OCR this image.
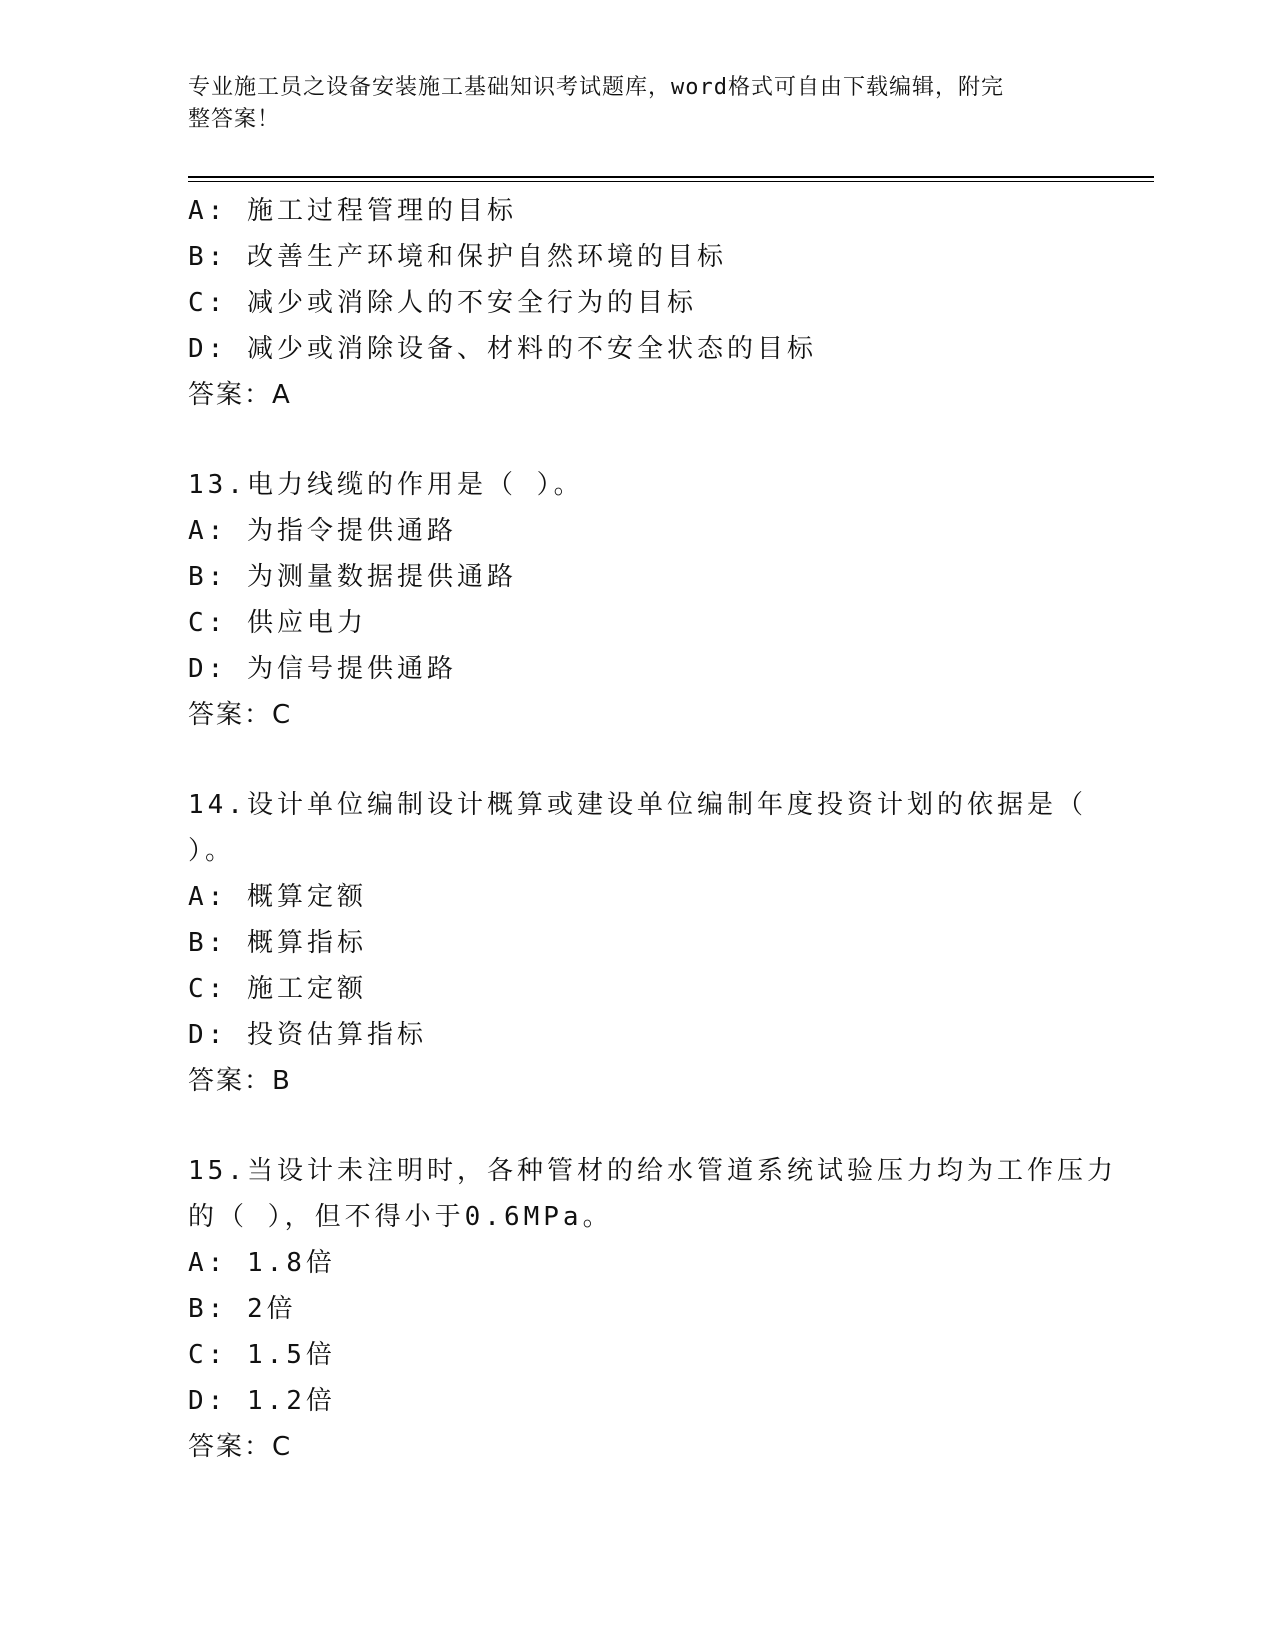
专业施工员之设备安装施工基础知识考试题库，word格式可自由下载编辑，附完
整答案！
A: 施工过程管理的目标
B: 改善生产环境和保护自然环境的目标
C: 减少或消除人的不安全行为的目标
D: 减少或消除设备、材料的不安全状态的目标
答案：A
13.电力线缆的作用是（ ）。
A: 为指令提供通路
B: 为测量数据提供通路
C: 供应电力
D: 为信号提供通路
答案：C
14.设计单位编制设计概算或建设单位编制年度投资计划的依据是（
）。
A: 概算定额
B: 概算指标
C: 施工定额
D: 投资估算指标
答案：B
15.当设计未注明时，各种管材的给水管道系统试验压力均为工作压力
的（ ），但不得小于0.6MPa。
A: 1.8倍
B: 2倍
C: 1.5倍
D: 1.2倍
答案：C
